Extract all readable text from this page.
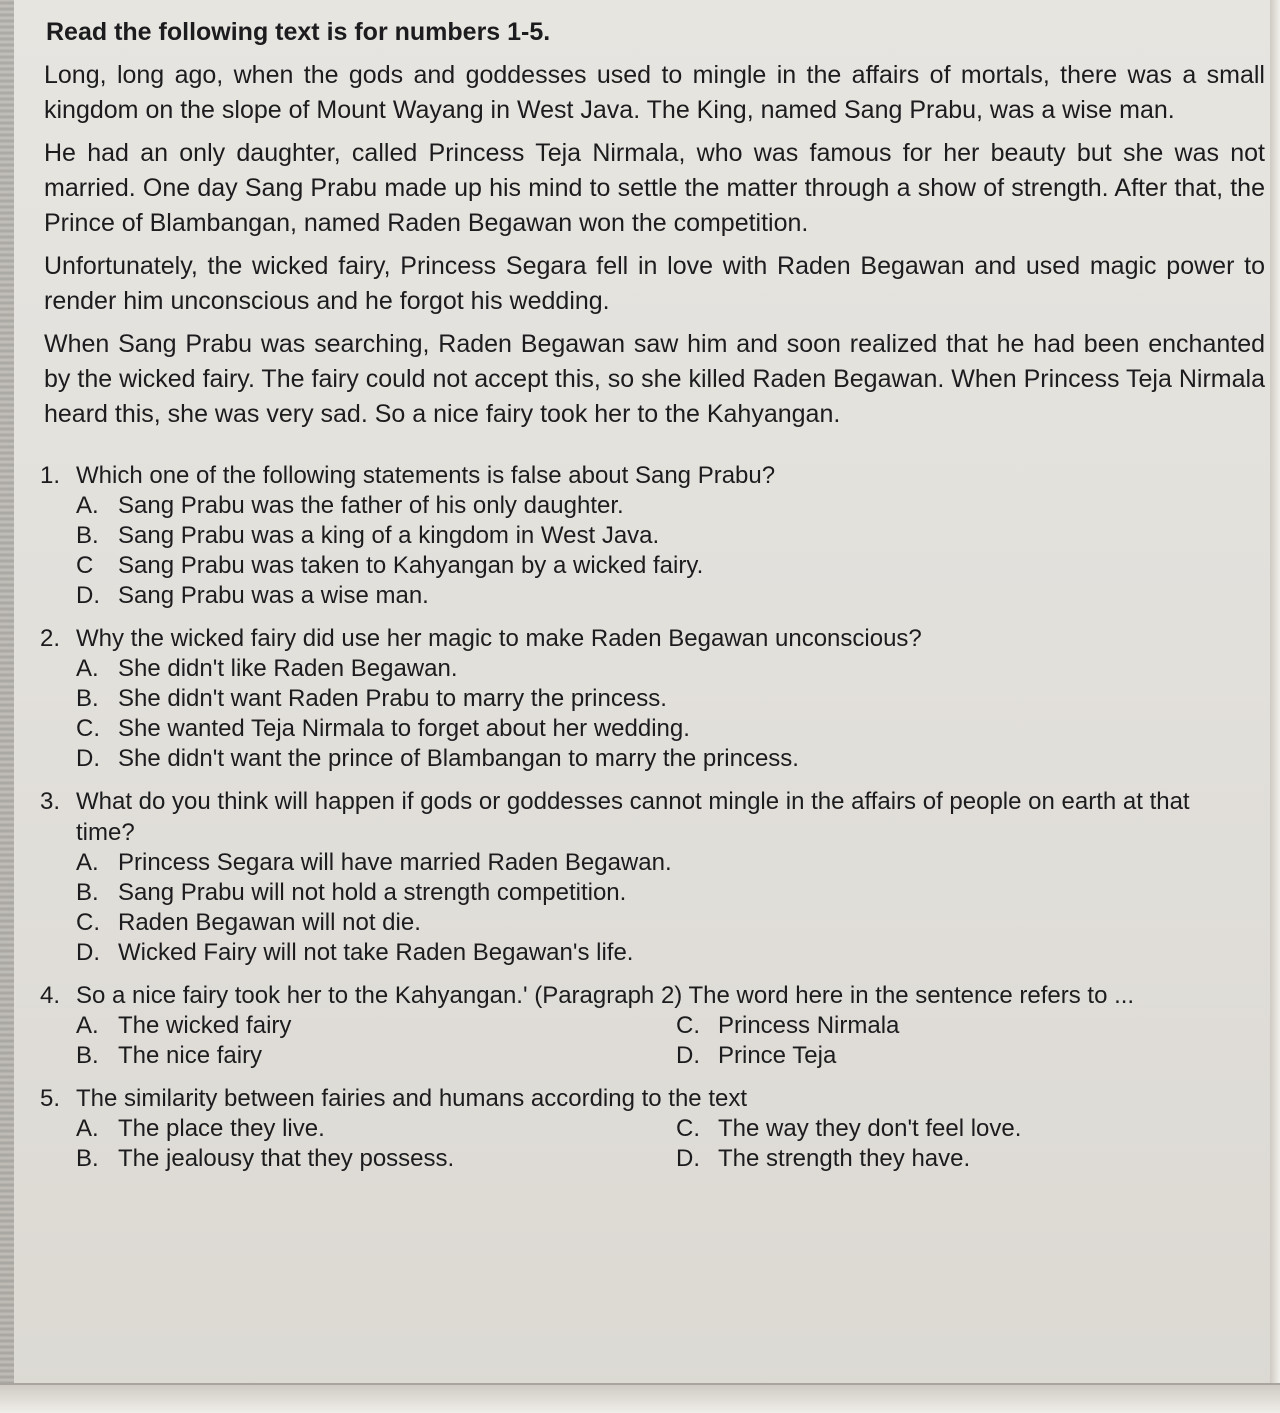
Read the following text is for numbers 1-5.

Long, long ago, when the gods and goddesses used to mingle in the affairs of mortals, there was a small kingdom on the slope of Mount Wayang in West Java. The King, named Sang Prabu, was a wise man.

He had an only daughter, called Princess Teja Nirmala, who was famous for her beauty but she was not married. One day Sang Prabu made up his mind to settle the matter through a show of strength. After that, the Prince of Blambangan, named Raden Begawan won the competition.

Unfortunately, the wicked fairy, Princess Segara fell in love with Raden Begawan and used magic power to render him unconscious and he forgot his wedding.

When Sang Prabu was searching, Raden Begawan saw him and soon realized that he had been enchanted by the wicked fairy. The fairy could not accept this, so she killed Raden Begawan. When Princess Teja Nirmala heard this, she was very sad. So a nice fairy took her to the Kahyangan.

1. Which one of the following statements is false about Sang Prabu?
A. Sang Prabu was the father of his only daughter.
B. Sang Prabu was a king of a kingdom in West Java.
C	Sang Prabu was taken to Kahyangan by a wicked fairy.
D. Sang Prabu was a wise man.
2. Why the wicked fairy did use her magic to make Raden Begawan unconscious?
A. She didn't like Raden Begawan.
B. She didn't want Raden Prabu to marry the princess.
C. She wanted Teja Nirmala to forget about her wedding.
D. She didn't want the prince of Blambangan to marry the princess.
3. What do you think will happen if gods or goddesses cannot mingle in the affairs of people on earth at that time?
A. Princess Segara will have married Raden Begawan.
B. Sang Prabu will not hold a strength competition.
C. Raden Begawan will not die.
D. Wicked Fairy will not take Raden Begawan's life.
4. So a nice fairy took her to the Kahyangan.' (Paragraph 2) The word here in the sentence refers to ...
A. The wicked fairy	C. Princess Nirmala
B. The nice fairy	D. Prince Teja
5. The similarity between fairies and humans according to the text
A. The place they live.	C. The way they don't feel love.
B. The jealousy that they possess.	D. The strength they have.
